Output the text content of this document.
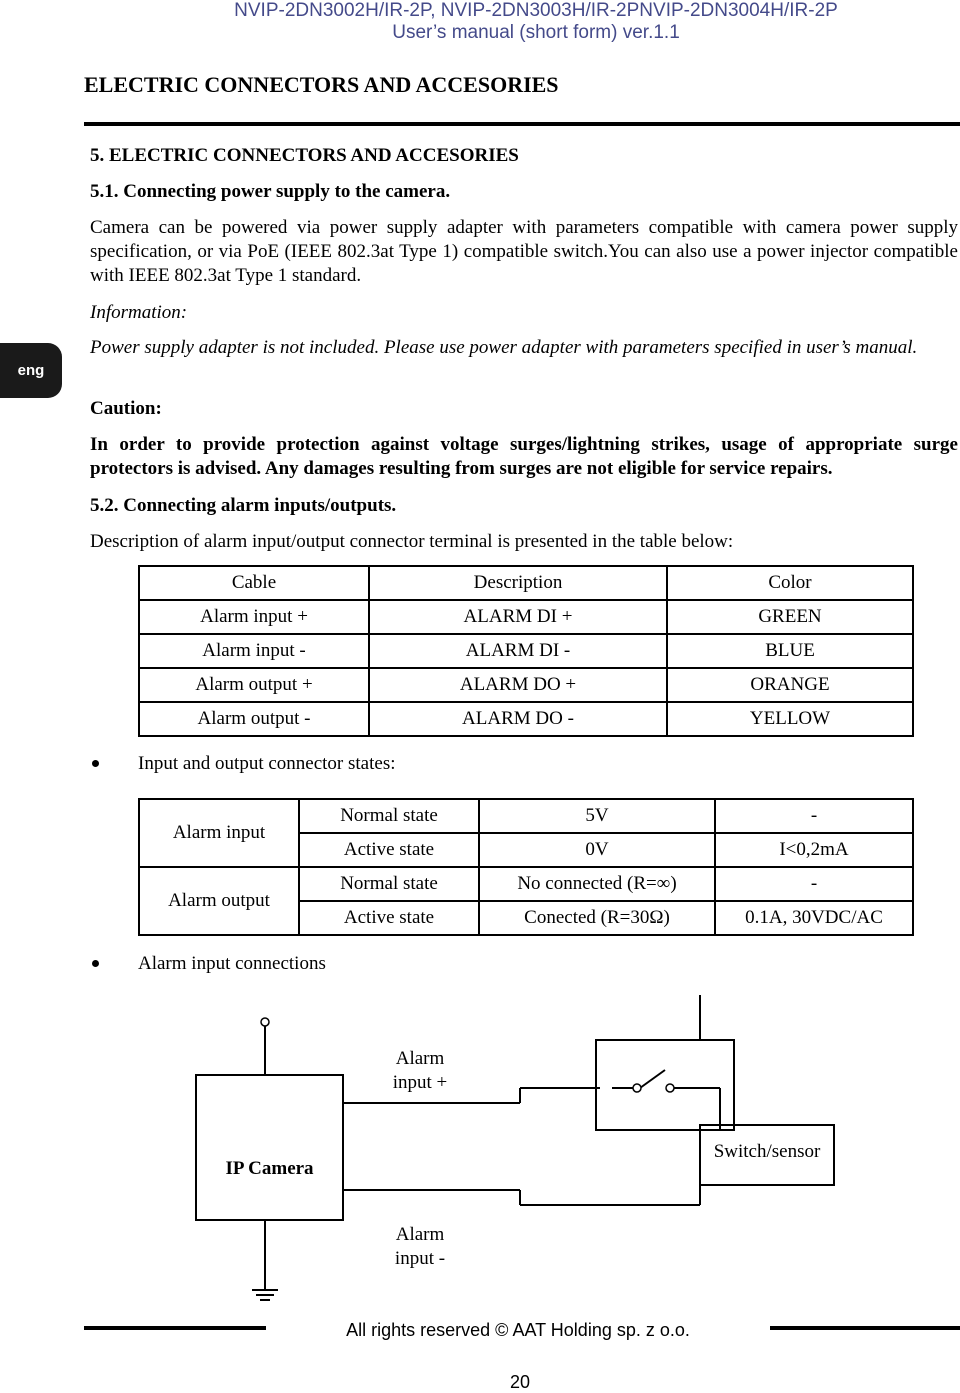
NVIP-2DN3002H/IR-2P, NVIP-2DN3003H/IR-2PNVIP-2DN3004H/IR-2P
User’s manual (short form) ver.1.1
ELECTRIC CONNECTORS AND ACCESORIES
eng
5. ELECTRIC CONNECTORS AND ACCESORIES
5.1. Connecting power supply to the camera.
Camera can be powered via power supply adapter with parameters compatible with camera power supply specification, or via PoE (IEEE 802.3at Type 1) compatible switch.You can also use a power injector compatible with IEEE 802.3at Type 1 standard.
Information:
Power supply adapter is not included. Please use power adapter with parameters specified in user’s manual.
Caution:
In order to provide protection against voltage surges/lightning strikes, usage of appropriate surge protectors is advised. Any damages resulting from surges are not eligible for service repairs.
5.2. Connecting alarm inputs/outputs.
Description of alarm input/output connector terminal is presented in the table below:
Cable	Description	Color
Alarm input +	ALARM DI +	GREEN
Alarm input -	ALARM DI -	BLUE
Alarm output +	ALARM DO +	ORANGE
Alarm output -	ALARM DO -	YELLOW
Input and output connector states:
Alarm input	Normal state	5V	-
	Active state	0V	I<0,2mA
Alarm output	Normal state	No connected (R=∞)	-
	Active state	Conected (R=30Ω)	0.1A, 30VDC/AC
Alarm input connections
IP Camera
Alarm input +
Alarm input -
Switch/sensor
All rights reserved © AAT Holding sp. z o.o.
20
